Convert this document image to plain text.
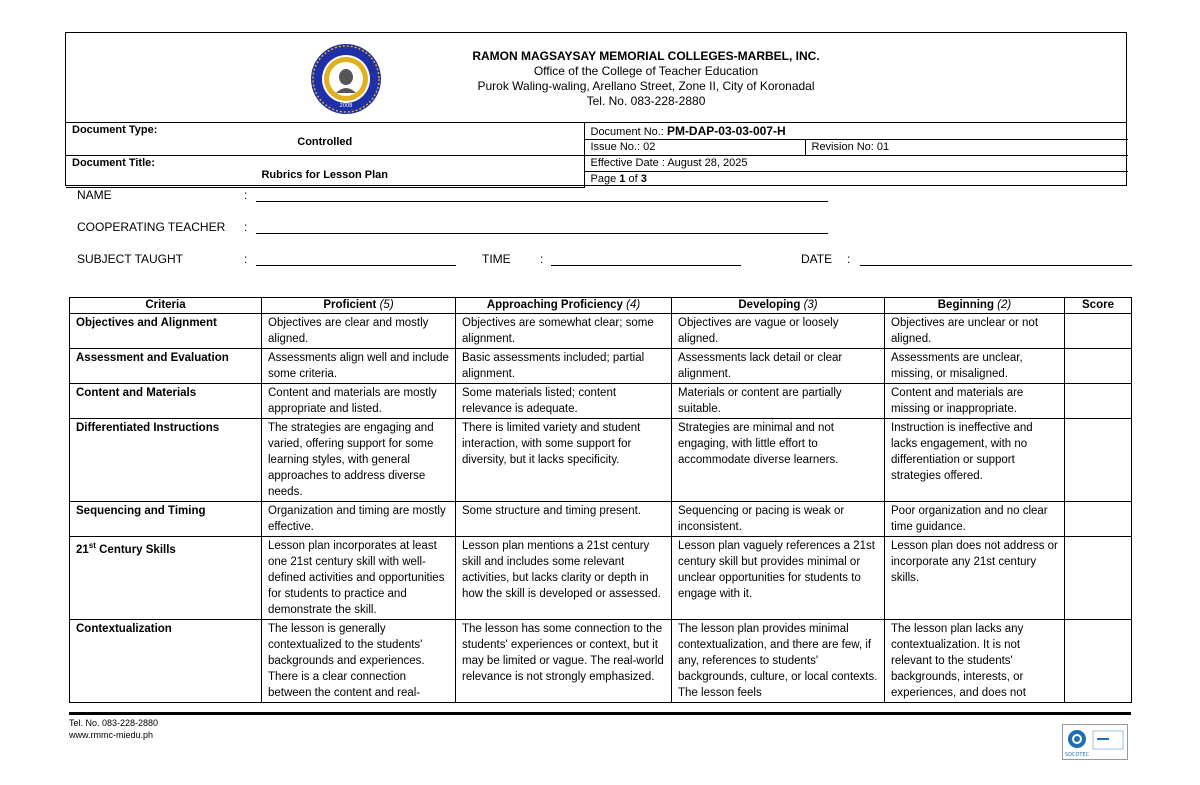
2008
RAMON MAGSAYSAY MEMORIAL COLLEGES-MARBEL, INC.
Office of the College of Teacher Education
Purok Waling-waling, Arellano Street, Zone II, City of Koronadal
Tel. No. 083-228-2880
Document Type:
Controlled	Document No.: PM-DAP-03-03-007-H	
	Issue No.: 02	Revision No: 01

Document Title:
Rubrics for Lesson Plan	Effective Date : August 28, 2025	
	Page 1 of 3	
NAME	:
COOPERATING TEACHER :
SUBJECT TAUGHT	:	TIME :	DATE :
Criteria	Proficient (5)	Approaching Proficiency (4)	Developing (3)	Beginning (2)	Score
Objectives and Alignment	Objectives are clear and mostly aligned.	Objectives are somewhat clear; some alignment.	Objectives are vague or loosely aligned.	Objectives are unclear or not aligned.	
Assessment and Evaluation	Assessments align well and include some criteria.	Basic assessments included; partial alignment.	Assessments lack detail or clear alignment.	Assessments are unclear, missing, or misaligned.	
Content and Materials	Content and materials are mostly appropriate and listed.	Some materials listed; content relevance is adequate.	Materials or content are partially suitable.	Content and materials are missing or inappropriate.	
Differentiated Instructions	The strategies are engaging and varied, offering support for some learning styles, with general approaches to address diverse needs.	There is limited variety and student interaction, with some support for diversity, but it lacks specificity.	Strategies are minimal and not engaging, with little effort to accommodate diverse learners.	Instruction is ineffective and lacks engagement, with no differentiation or support strategies offered.	
Sequencing and Timing	Organization and timing are mostly effective.	Some structure and timing present.	Sequencing or pacing is weak or inconsistent.	Poor organization and no clear time guidance.	
21st Century Skills	Lesson plan incorporates at least one 21st century skill with well-defined activities and opportunities for students to practice and demonstrate the skill.	Lesson plan mentions a 21st century skill and includes some relevant activities, but lacks clarity or depth in how the skill is developed or assessed.	Lesson plan vaguely references a 21st century skill but provides minimal or unclear opportunities for students to engage with it.	Lesson plan does not address or incorporate any 21st century skills.	
Contextualization	The lesson is generally contextualized to the students' backgrounds and experiences. There is a clear connection between the content and real-	The lesson has some connection to the students' experiences or context, but it may be limited or vague. The real-world relevance is not strongly emphasized.	The lesson plan provides minimal contextualization, and there are few, if any, references to students' backgrounds, culture, or local contexts. The lesson feels	The lesson plan lacks any contextualization. It is not relevant to the students' backgrounds, interests, or experiences, and does not	
Tel. No. 083-228-2880
www.rmmc-miedu.ph
SOCOTEC
